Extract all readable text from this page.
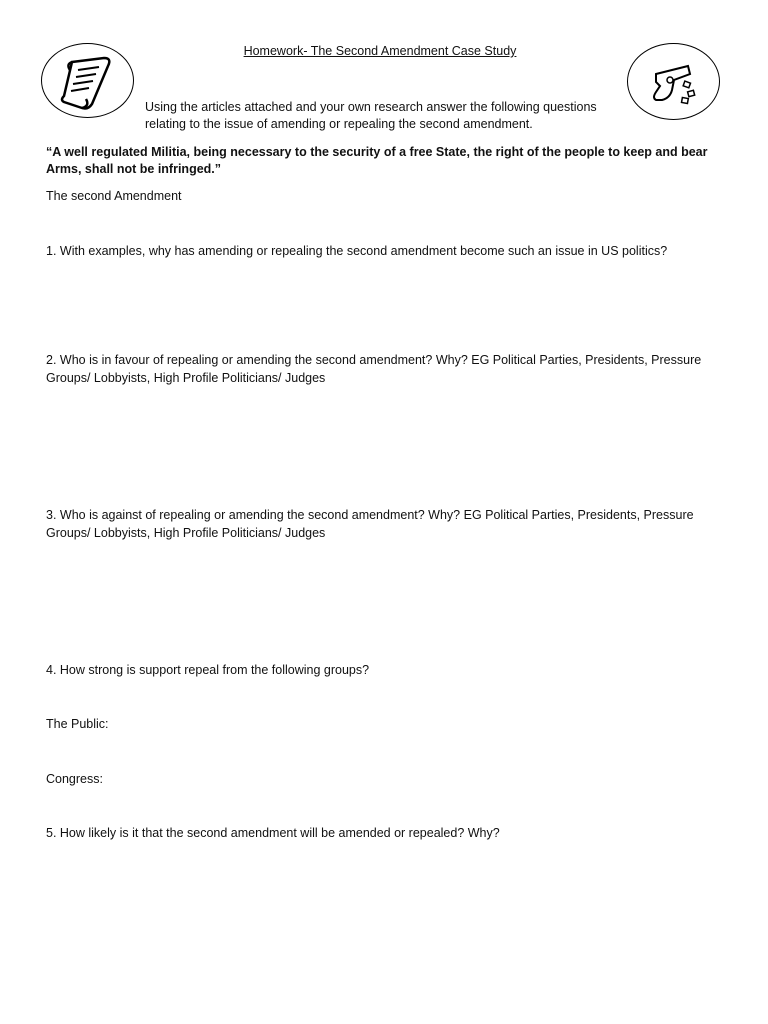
Homework- The Second Amendment Case Study
Using the articles attached and your own research answer the following questions relating to the issue of amending or repealing the second amendment.
“A well regulated Militia, being necessary to the security of a free State, the right of the people to keep and bear Arms, shall not be infringed.”
The second Amendment
1. With examples, why has amending or repealing the second amendment become such an issue in US politics?
2. Who is in favour of repealing or amending the second amendment? Why? EG Political Parties, Presidents, Pressure Groups/ Lobbyists, High Profile Politicians/ Judges
3. Who is against of repealing or amending the second amendment? Why? EG Political Parties, Presidents, Pressure Groups/ Lobbyists, High Profile Politicians/ Judges
4. How strong is support repeal from the following groups?
The Public:
Congress:
5. How likely is it that the second amendment will be amended or repealed? Why?
